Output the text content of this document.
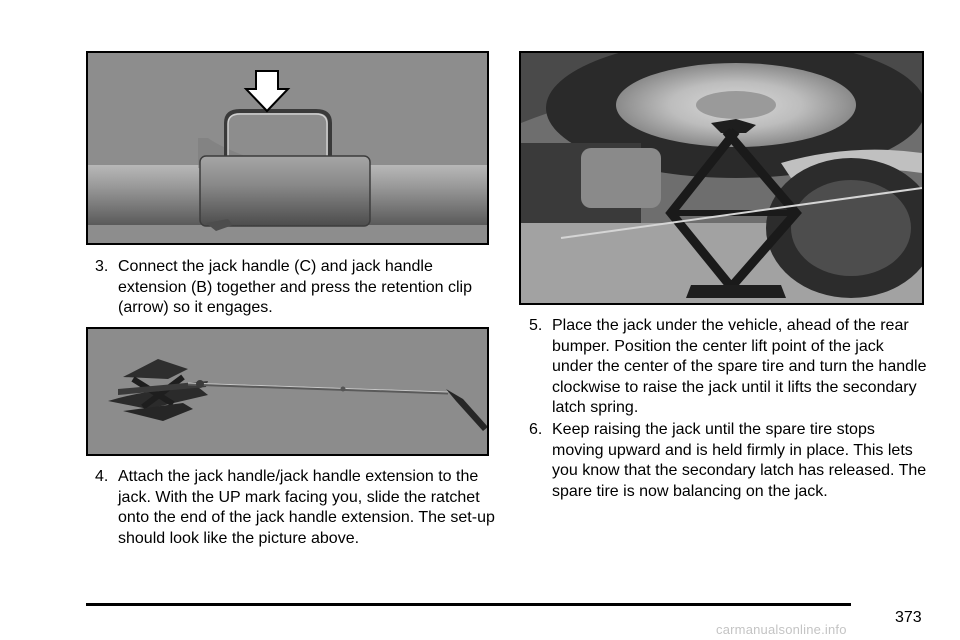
3. Connect the jack handle (C) and jack handle extension (B) together and press the retention clip (arrow) so it engages.

4. Attach the jack handle/jack handle extension to the jack. With the UP mark facing you, slide the ratchet onto the end of the jack handle extension. The set-up should look like the picture above.

5. Place the jack under the vehicle, ahead of the rear bumper. Position the center lift point of the jack under the center of the spare tire and turn the handle clockwise to raise the jack until it lifts the secondary latch spring.

6. Keep raising the jack until the spare tire stops moving upward and is held firmly in place. This lets you know that the secondary latch has released. The spare tire is now balancing on the jack.

373
carmanualsonline.info
